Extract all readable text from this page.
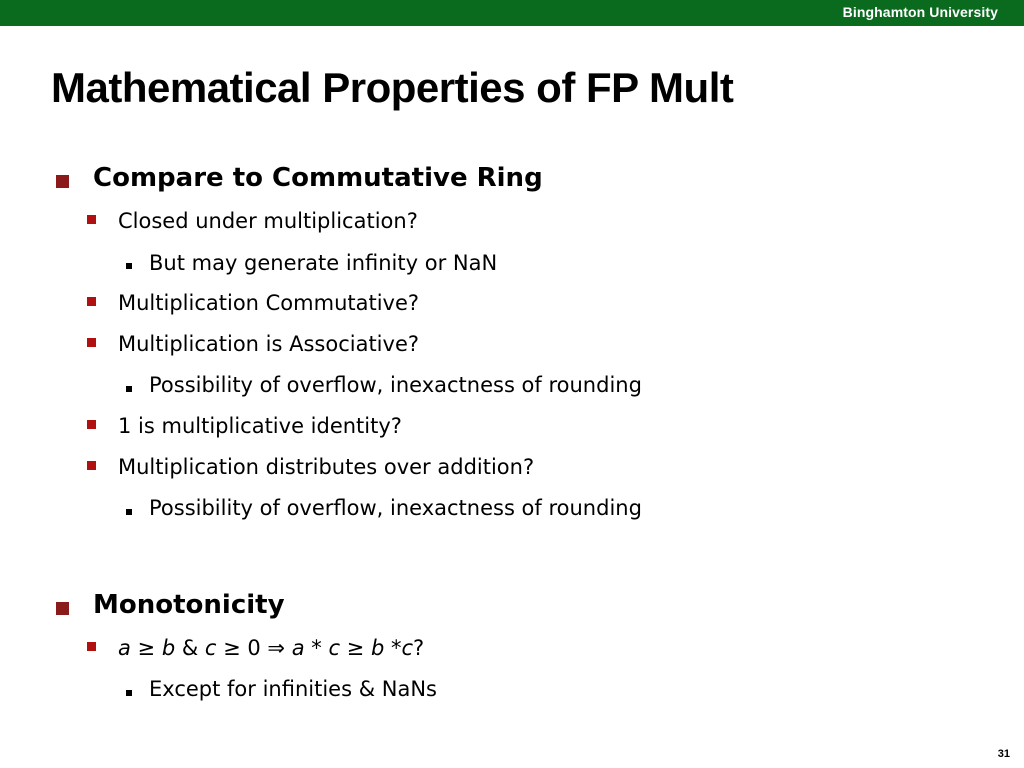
Binghamton University
Mathematical Properties of FP Mult
Compare to Commutative Ring
Closed under multiplication?
But may generate infinity or NaN
Multiplication Commutative?
Multiplication is Associative?
Possibility of overflow, inexactness of rounding
1 is multiplicative identity?
Multiplication distributes over addition?
Possibility of overflow, inexactness of rounding
Monotonicity
a ≥ b & c ≥ 0 ⇒ a * c ≥ b *c?
Except for infinities & NaNs
31
